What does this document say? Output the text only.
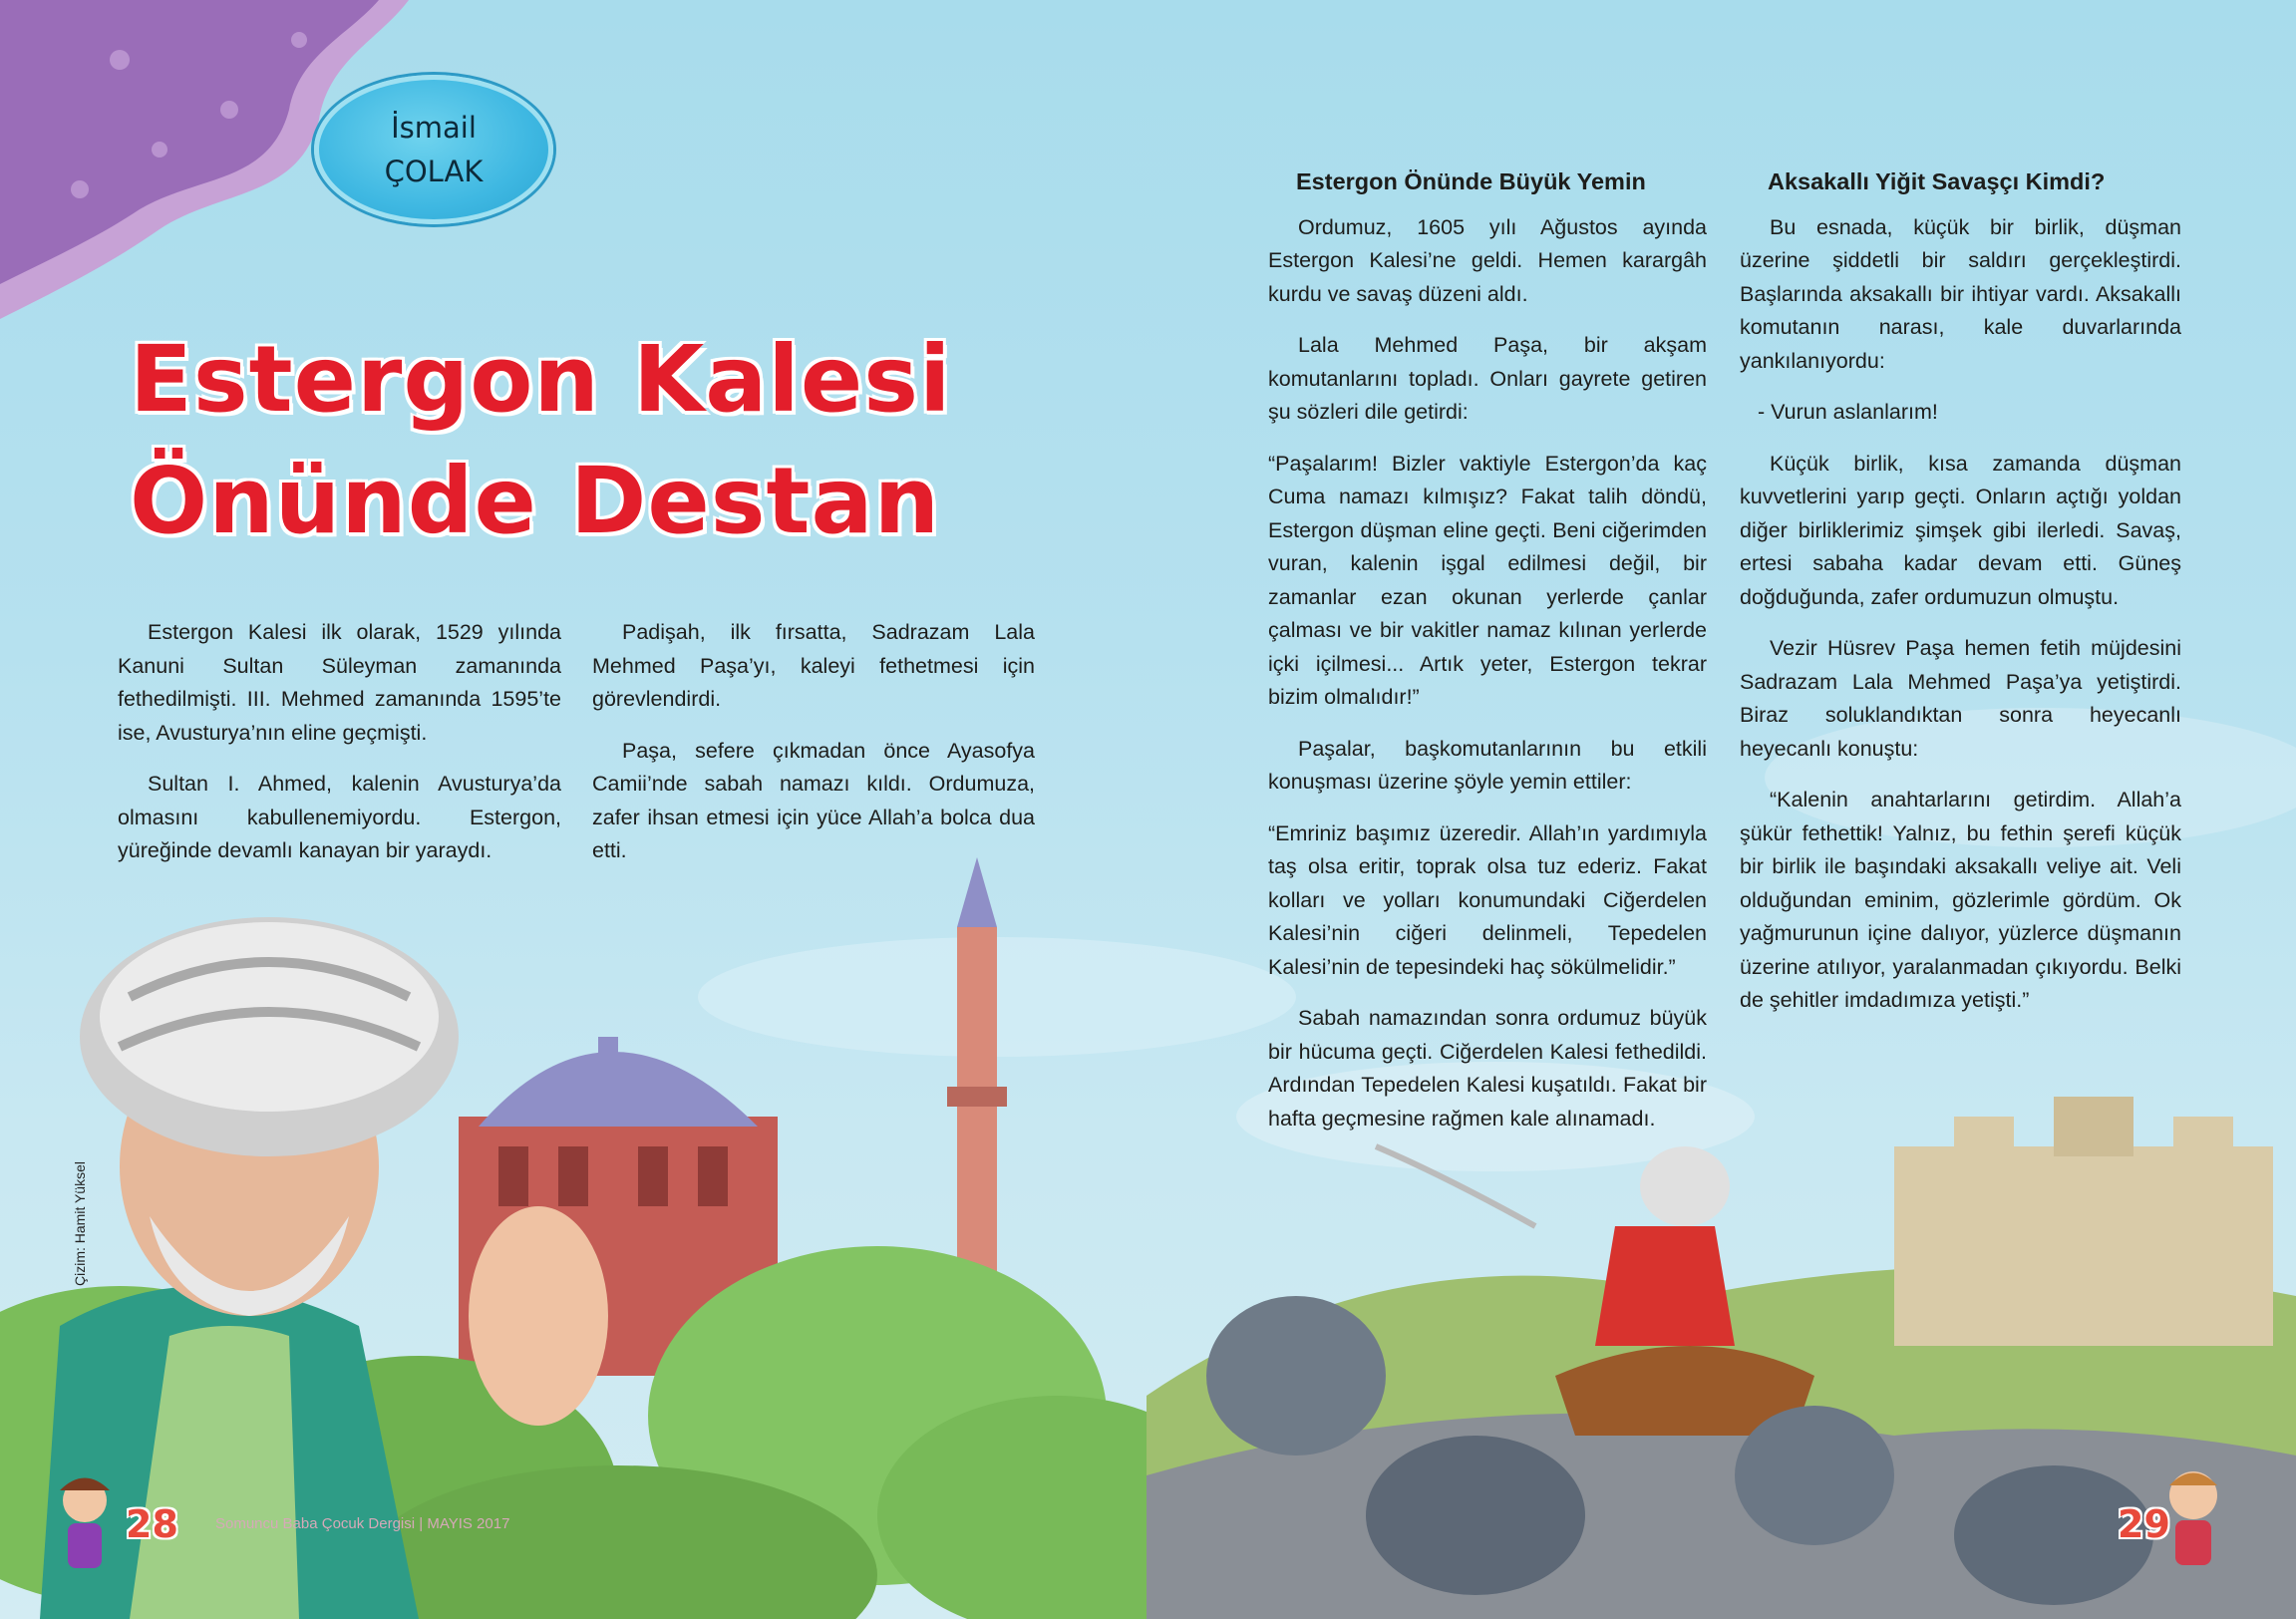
İsmail
ÇOLAK
Estergon Kalesi
Önünde Destan

Estergon Kalesi ilk olarak, 1529 yılında Kanuni Sultan Süleyman zamanında fethedilmişti. III. Mehmed zamanında 1595’te ise, Avusturya’nın eline geçmişti.

Sultan I. Ahmed, kalenin Avusturya’da olmasını kabullenemiyordu. Estergon, yüreğinde devamlı kanayan bir yaraydı.

Padişah, ilk fırsatta, Sadrazam Lala Mehmed Paşa’yı, kaleyi fethetmesi için görevlendirdi.

Paşa, sefere çıkmadan önce Ayasofya Camii’nde sabah namazı kıldı. Ordumuza, zafer ihsan etmesi için yüce Allah’a bolca dua etti.

Estergon Önünde Büyük Yemin

Ordumuz, 1605 yılı Ağustos ayında Estergon Kalesi’ne geldi. Hemen karargâh kurdu ve savaş düzeni aldı.

Lala Mehmed Paşa, bir akşam komutanlarını topladı. Onları gayrete getiren şu sözleri dile getirdi:

“Paşalarım! Bizler vaktiyle Estergon’da kaç Cuma namazı kılmışız? Fakat talih döndü, Estergon düşman eline geçti. Beni ciğerimden vuran, kalenin işgal edilmesi değil, bir zamanlar ezan okunan yerlerde çanlar çalması ve bir vakitler namaz kılınan yerlerde içki içilmesi... Artık yeter, Estergon tekrar bizim olmalıdır!”

Paşalar, başkomutanlarının bu etkili konuşması üzerine şöyle yemin ettiler:

“Emriniz başımız üzeredir. Allah’ın yardımıyla taş olsa eritir, toprak olsa tuz ederiz. Fakat kolları ve yolları konumundaki Ciğerdelen Kalesi’nin ciğeri delinmeli, Tepedelen Kalesi’nin de tepesindeki haç sökülmelidir.”

Sabah namazından sonra ordumuz büyük bir hücuma geçti. Ciğerdelen Kalesi fethedildi. Ardından Tepedelen Kalesi kuşatıldı. Fakat bir hafta geçmesine rağmen kale alınamadı.

Aksakallı Yiğit Savaşçı Kimdi?

Bu esnada, küçük bir birlik, düşman üzerine şiddetli bir saldırı gerçekleştirdi. Başlarında aksakallı bir ihtiyar vardı. Aksakallı komutanın narası, kale duvarlarında yankılanıyordu:

- Vurun aslanlarım!

Küçük birlik, kısa zamanda düşman kuvvetlerini yarıp geçti. Onların açtığı yoldan diğer birliklerimiz şimşek gibi ilerledi. Savaş, ertesi sabaha kadar devam etti. Güneş doğduğunda, zafer ordumuzun olmuştu.

Vezir Hüsrev Paşa hemen fetih müjdesini Sadrazam Lala Mehmed Paşa’ya yetiştirdi. Biraz soluklandıktan sonra heyecanlı heyecanlı konuştu:

“Kalenin anahtarlarını getirdim. Allah’a şükür fethettik! Yalnız, bu fethin şerefi küçük bir birlik ile başındaki aksakallı veliye ait. Veli olduğundan eminim, gözlerimle gördüm. Ok yağmurunun içine dalıyor, yüzlerce düşmanın üzerine atılıyor, yaralanmadan çıkıyordu. Belki de şehitler imdadımıza yetişti.”

Çizim: Hamit Yüksel
28 Somuncu Baba Çocuk Dergisi | MAYIS 2017	29
